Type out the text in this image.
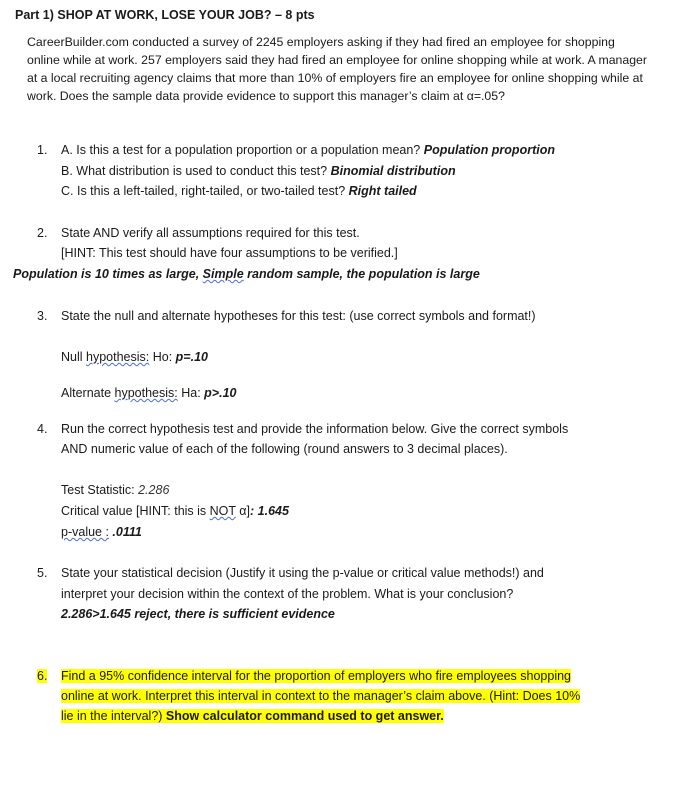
Part 1) SHOP AT WORK, LOSE YOUR JOB? – 8 pts
CareerBuilder.com conducted a survey of 2245 employers asking if they had fired an employee for shopping online while at work. 257 employers said they had fired an employee for online shopping while at work. A manager at a local recruiting agency claims that more than 10% of employers fire an employee for online shopping while at work. Does the sample data provide evidence to support this manager’s claim at α=.05?
1. A. Is this a test for a population proportion or a population mean? Population proportion
B. What distribution is used to conduct this test? Binomial distribution
C. Is this a left-tailed, right-tailed, or two-tailed test? Right tailed
2. State AND verify all assumptions required for this test.
[HINT: This test should have four assumptions to be verified.]
Population is 10 times as large, Simple random sample, the population is large
3. State the null and alternate hypotheses for this test: (use correct symbols and format!)
Null hypothesis: Ho: p=.10
Alternate hypothesis: Ha: p>.10
4. Run the correct hypothesis test and provide the information below. Give the correct symbols
AND numeric value of each of the following (round answers to 3 decimal places).
Test Statistic: 2.286
Critical value [HINT: this is NOT α]: 1.645
p-value : .0111
5. State your statistical decision (Justify it using the p-value or critical value methods!) and
interpret your decision within the context of the problem. What is your conclusion?
2.286>1.645 reject, there is sufficient evidence
6. Find a 95% confidence interval for the proportion of employers who fire employees shopping
online at work. Interpret this interval in context to the manager’s claim above. (Hint: Does 10%
lie in the interval?) Show calculator command used to get answer.
